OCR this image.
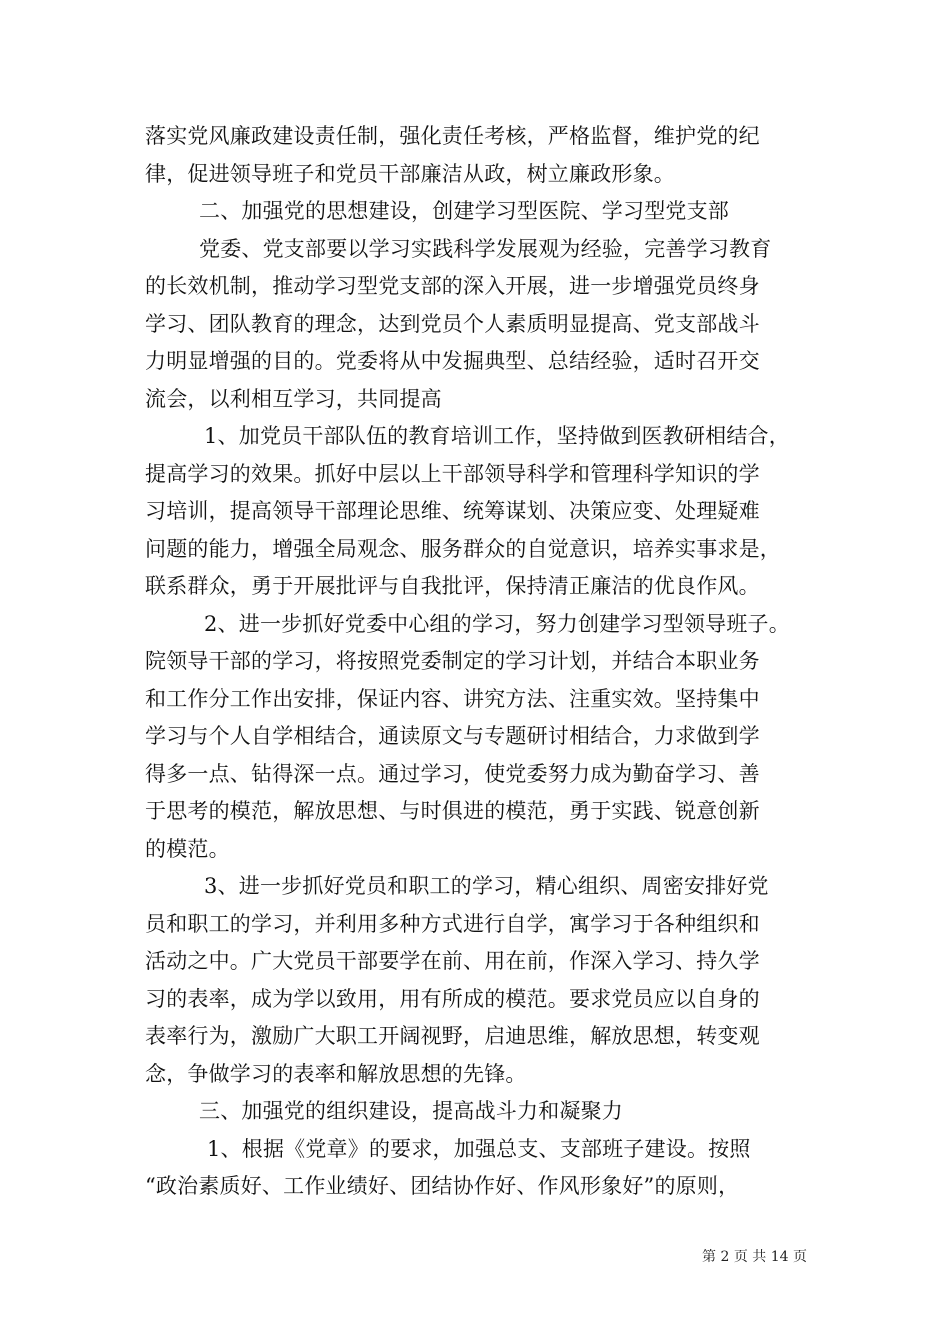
落实党风廉政建设责任制，强化责任考核，严格监督，维护党的纪
律，促进领导班子和党员干部廉洁从政，树立廉政形象。
二、加强党的思想建设，创建学习型医院、学习型党支部
党委、党支部要以学习实践科学发展观为经验，完善学习教育
的长效机制，推动学习型党支部的深入开展，进一步增强党员终身
学习、团队教育的理念，达到党员个人素质明显提高、党支部战斗
力明显增强的目的。党委将从中发掘典型、总结经验，适时召开交
流会，以利相互学习，共同提高
1、加党员干部队伍的教育培训工作，坚持做到医教研相结合，
提高学习的效果。抓好中层以上干部领导科学和管理科学知识的学
习培训，提高领导干部理论思维、统筹谋划、决策应变、处理疑难
问题的能力，增强全局观念、服务群众的自觉意识，培养实事求是，
联系群众，勇于开展批评与自我批评，保持清正廉洁的优良作风。
2、进一步抓好党委中心组的学习，努力创建学习型领导班子。
院领导干部的学习，将按照党委制定的学习计划，并结合本职业务
和工作分工作出安排，保证内容、讲究方法、注重实效。坚持集中
学习与个人自学相结合，通读原文与专题研讨相结合，力求做到学
得多一点、钻得深一点。通过学习，使党委努力成为勤奋学习、善
于思考的模范，解放思想、与时俱进的模范，勇于实践、锐意创新
的模范。
3、进一步抓好党员和职工的学习，精心组织、周密安排好党
员和职工的学习，并利用多种方式进行自学，寓学习于各种组织和
活动之中。广大党员干部要学在前、用在前，作深入学习、持久学
习的表率，成为学以致用，用有所成的模范。要求党员应以自身的
表率行为，激励广大职工开阔视野，启迪思维，解放思想，转变观
念，争做学习的表率和解放思想的先锋。
三、加强党的组织建设，提高战斗力和凝聚力
1、根据《党章》的要求，加强总支、支部班子建设。按照
“政治素质好、工作业绩好、团结协作好、作风形象好”的原则，
第 2 页 共 14 页
